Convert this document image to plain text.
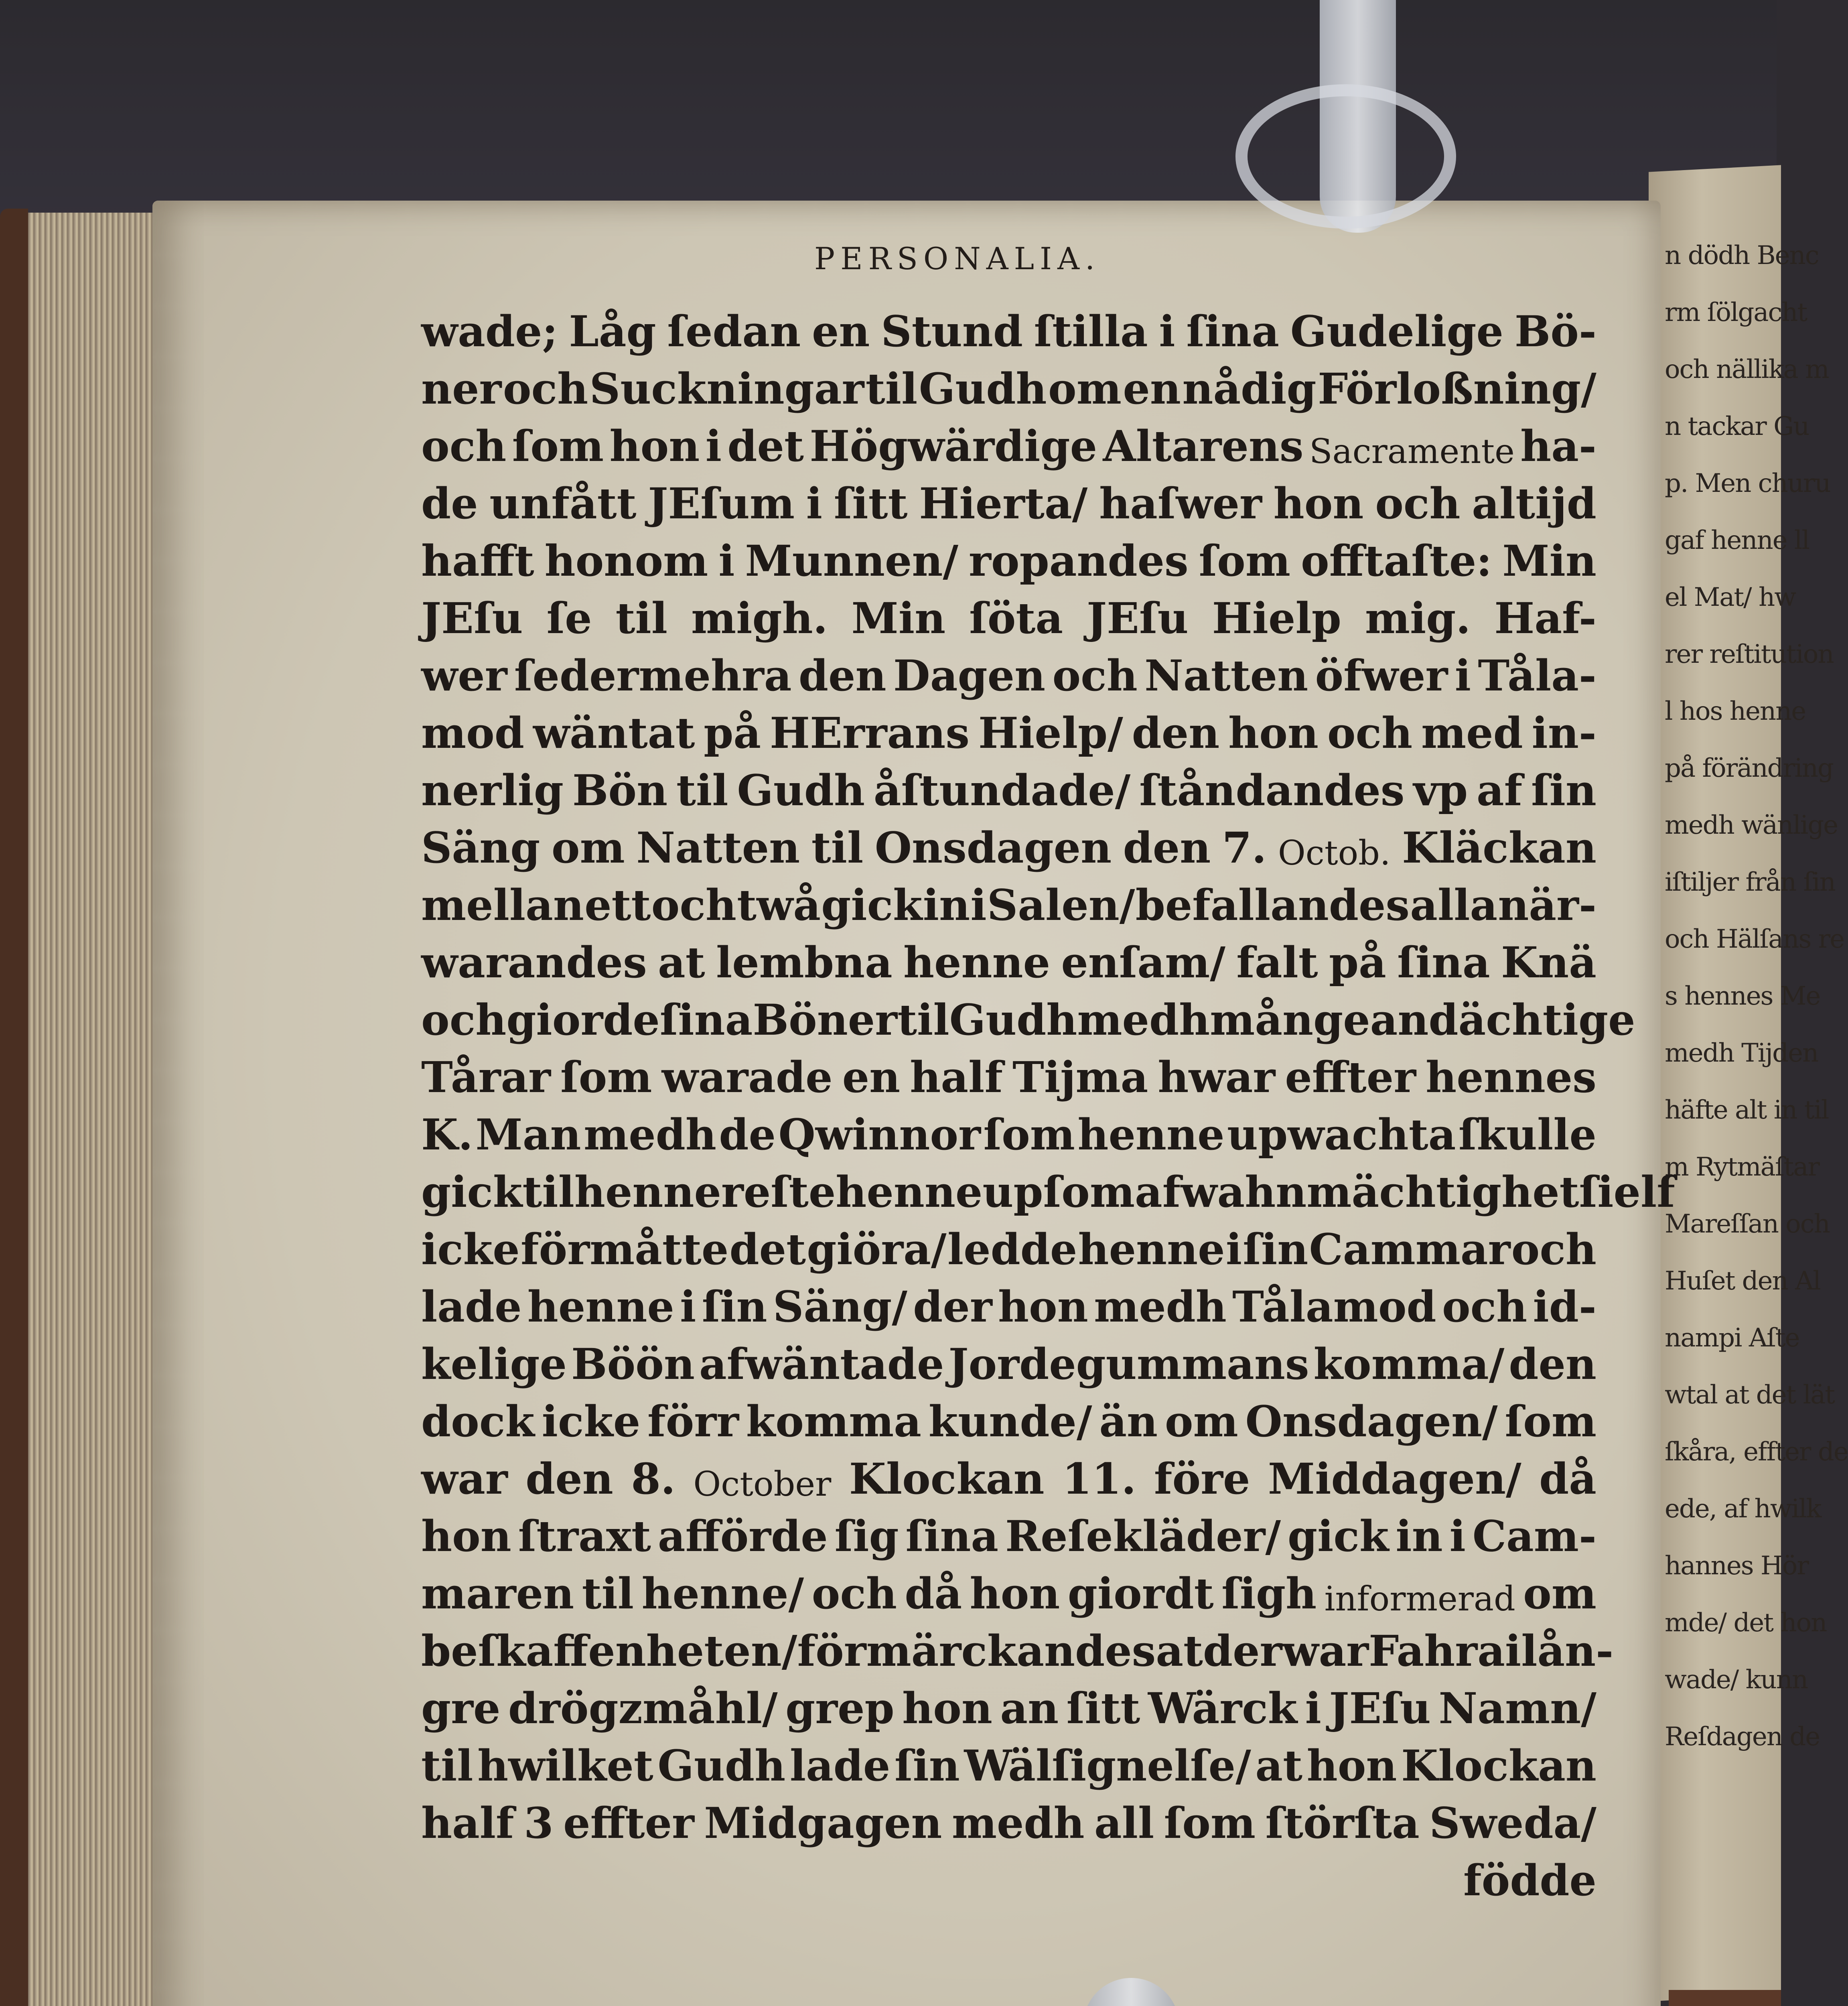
n dödh Benc
rm ſölgacht
och nällika m
n tackar Gu
p. Men churu
gaf henne ll
el Mat/ hw
rer reſtitution
l hos henne
på förändring
medh wänlige
iſtiljer från ſin
och Hälſans re
s hennes Me
medh Tijden
häfte alt in til
m Rytmäſtar
Mareſſan och
Huſet den Al
nampi Aſte
wtal at det lät
ſkåra, effter de
ede, af hwilk
hannes Hör
mde/ det hon
wade/ kunn
Reſdagen de
PERSONALIA.
wade; Låg ſedan en Stund ſtilla i ſina Gudelige Bö-
ner och Suckningar til Gudh om en nådig Förloßning/
och ſom hon i det Högwärdige Altarens Sacramente ha-
de unfått JEſum i ſitt Hierta/ haſwer hon och altijd
hafft honom i Munnen/ ropandes ſom offtaſte: Min
JEſu ſe til migh. Min ſöta JEſu Hielp mig. Haf-
wer ſedermehra den Dagen och Natten öfwer i Tåla-
mod wäntat på HErrans Hielp/ den hon och med in-
nerlig Bön til Gudh åſtundade/ ſtåndandes vp af ſin
Säng om Natten til Onsdagen den 7. Octob. Kläckan
mellan ett och twå gick in i Salen/ befallandes alla när-
warandes at lembna henne enſam/ falt på ſina Knä
och giorde ſina Böner til Gudh medh månge andächtige
Tårar ſom warade en half Tijma hwar effter hennes
K. Man medh de Qwinnor ſom henne upwachta ſkulle
gick til henne reſte henne up ſom af wahnmächtighet ſielf
icke förmåtte det giöra/ ledde henne i ſin Cammar och
lade henne i ſin Säng/ der hon medh Tålamod och id-
kelige Böön afwäntade Jordegummans komma/ den
dock icke förr komma kunde/ än om Onsdagen/ ſom
war den 8. October Klockan 11. före Middagen/ då
hon ſtraxt afförde ſig ſina Reſekläder/ gick in i Cam-
maren til henne/ och då hon giordt ſigh informerad om
beſkaffenheten/ förmärckandes at der war Fahra i lån-
gre drögzmåhl/ grep hon an ſitt Wärck i JEſu Namn/
til hwilket Gudh lade ſin Wälſignelſe/ at hon Klockan
half 3 effter Midgagen medh all ſom ſtörſta Sweda/
födde
